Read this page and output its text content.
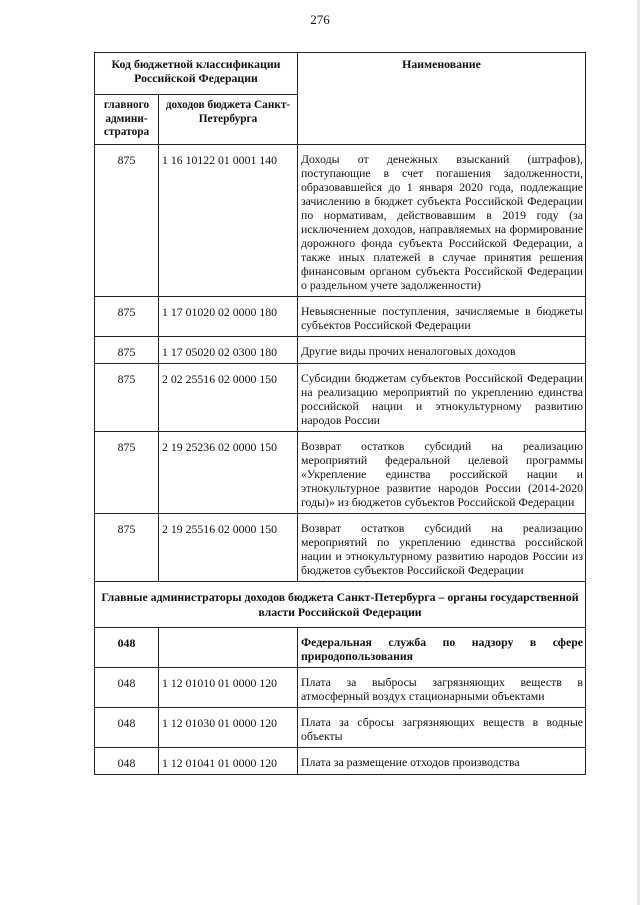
276
Код бюджетной классификации Российской Федерации		Наименование
главного админи-стратора	доходов бюджета Санкт-Петербурга	
875	1 16 10122 01 0001 140	Доходы от денежных взысканий (штрафов), поступающие в счет погашения задолженности, образовавшейся до 1 января 2020 года, подлежащие зачислению в бюджет субъекта Российской Федерации по нормативам, действовавшим в 2019 году (за исключением доходов, направляемых на формирование дорожного фонда субъекта Российской Федерации, а также иных платежей в случае принятия решения финансовым органом субъекта Российской Федерации о раздельном учете задолженности)
875	1 17 01020 02 0000 180	Невыясненные поступления, зачисляемые в бюджеты субъектов Российской Федерации
875	1 17 05020 02 0300 180	Другие виды прочих неналоговых доходов
875	2 02 25516 02 0000 150	Субсидии бюджетам субъектов Российской Федерации на реализацию мероприятий по укреплению единства российской нации и этнокультурному развитию народов России
875	2 19 25236 02 0000 150	Возврат остатков субсидий на реализацию мероприятий федеральной целевой программы «Укрепление единства российской нации и этнокультурное развитие народов России (2014-2020 годы)» из бюджетов субъектов Российской Федерации
875	2 19 25516 02 0000 150	Возврат остатков субсидий на реализацию мероприятий по укреплению единства российской нации и этнокультурному развитию народов России из бюджетов субъектов Российской Федерации
Главные администраторы доходов бюджета Санкт-Петербурга – органы государственной власти Российской Федерации		
048		Федеральная служба по надзору в сфере природопользования
048	1 12 01010 01 0000 120	Плата за выбросы загрязняющих веществ в атмосферный воздух стационарными объектами
048	1 12 01030 01 0000 120	Плата за сбросы загрязняющих веществ в водные объекты
048	1 12 01041 01 0000 120	Плата за размещение отходов производства
